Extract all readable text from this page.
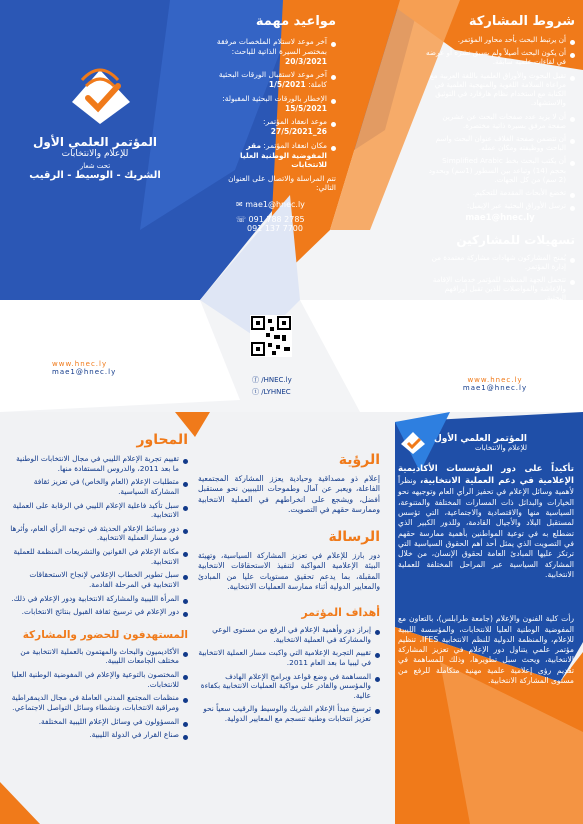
المؤتمر العلمي الأول
للإعلام والانتخابات
تحت شعار
الشريك - الوسيط - الرقيب
مواعيد مهمة
آخر موعد لاستلام الملخصات مرفقة بمختصر السيرة الذاتية للباحث: 20/3/2021
آخر موعد لاستقبال الورقات البحثية كاملة: 1/5/2021
الإخطار بالورقات البحثية المقبولة: 15/5/2021
موعد انعقاد المؤتمر: 26_27/5/2021
مكان انعقاد المؤتمر: مقر المفوضية الوطنية العليا للانتخابات
تتم المراسلة والاتصال على العنوان التالي:
✉ mae1@hnec.ly
☏ 091 788 2785
091 137 7700
ⓕ /HNEC.ly
ⓣ /LYHNEC
www.hnec.ly
mae1@hnec.ly
شروط المشاركة
أن يرتبط البحث بأحد محاور المؤتمر.
أن يكون البحث أصيلاً ولم يسبق نشره أو عرضه في لقاءات علمية سابقة.
تقبل البحوث والأوراق العلمية باللغة العربية مع مراعاة السلامة اللغوية والمنهجية العلمية في الكتابة مع استخدام نظام هارفارد في التوثيق والاستشهاد.
أن لا يزيد عدد صفحات البحث عن عشرين صفحة مرفق بسيرة ذاتية مختصرة.
أن تتضمن صفحة الغلاف عنوان البحث واسم الباحث ووظيفته ومكان عمله.
أن يكتب البحث بخط Simplified Arabic بحجم (14) وتباعد بين السطور (1سم) وبحدود (2 سم) من كل الجهات.
تخضع الأبحاث المقدمة للتحكيم.
ترسل الأوراق البحثية عبر الإيميل:
mae1@hnec.ly
تسهيلات للمشاركين
يُمنح المشاركون شهادات مشاركة معتمدة من إدارة المؤتمر.
تتحمل الجهة المنظمة للمؤتمر خدمات الإقامة والإعاشة والمواصلات للذين تقبل أوراقهم البحثية.
تنشر الأبحاث المشاركة في كتاب يوثق أعمال المؤتمر.
www.hnec.ly
mae1@hnec.ly
المحاور
تقييم تجربة الإعلام الليبي في مجال الانتخابات الوطنية ما بعد 2011، والدروس المستفادة منها.
متطلبات الإعلام (العام والخاص) في تعزيز ثقافة المشاركة السياسية.
سبل تأكيد فاعلية الإعلام الليبي في الرقابة على العملية الانتخابية.
دور وسائط الإعلام الحديثة في توجيه الرأي العام، وأثرها في مسار العملية الانتخابية.
مكانة الإعلام في القوانين والتشريعات المنظمة للعملية الانتخابية.
سبل تطوير الخطاب الإعلامي لإنجاح الاستحقاقات الانتخابية في المرحلة القادمة.
المرأة الليبية والمشاركة الانتخابية ودور الإعلام في ذلك.
دور الإعلام في ترسيخ ثقافة القبول بنتائج الانتخابات.
المستهدفون للحضور والمشاركة
الأكاديميون والبحاث والمهتمون بالعملية الانتخابية من مختلف الجامعات الليبية.
المختصون بالتوعية والإعلام في المفوضية الوطنية العليا للانتخابات.
منظمات المجتمع المدني العاملة في مجال الديمقراطية ومراقبة الانتخابات، ونشطاء وسائل التواصل الاجتماعي.
المسؤولون في وسائل الإعلام الليبية المختلفة.
صناع القرار في الدولة الليبية.
الرؤية

إعلام ذو مصداقية وحيادية يعزز المشاركة المجتمعية الفاعلة، ويعبر عن آمال وطموحات الليبيين نحو مستقبل أفضل، ويشجع على انخراطهم في العملية الانتخابية وممارسة حقهم في التصويت.

الرسالة

دور بارز للإعلام في تعزيز المشاركة السياسية، وتهيئة البيئة الإعلامية المواكبة لتنفيذ الاستحقاقات الانتخابية المقبلة، بما يدعم تحقيق مستويات عليا من المبادئ والمعايير الدولية أثناء ممارسة العمليات الانتخابية.

أهداف المؤتمر
إبراز دور وأهمية الإعلام في الرفع من مستوى الوعي والمشاركة في العملية الانتخابية.
تقييم التجربة الإعلامية التي واكبت مسار العملية الانتخابية في ليبيا ما بعد العام 2011.
المساهمة في وضع قواعد وبرامج الإعلام الهادف والمؤسس والقادر على مواكبة العمليات الانتخابية بكفاءة عالية.
ترسيخ مبدأ الإعلام الشريك والوسيط والرقيب سعياً نحو تعزيز انتخابات وطنية تنسجم مع المعايير الدولية.
المؤتمر العلمي الأول
للإعلام والانتخابات

تأكيداً على دور المؤسسات الأكاديمية الإعلامية في دعم العملية الانتخابية، ونظراً لأهمية وسائل الإعلام في تحفيز الرأي العام وتوجيهه نحو الخيارات والبدائل ذات المسارات المختلفة والمتنوعة، السياسية منها والاقتصادية والاجتماعية، التي تؤسس لمستقبل البلاد والأجيال القادمة، وللدور الكبير الذي تضطلع به في توعية المواطنين بأهمية ممارسة حقهم في التصويت الذي يمثل أحد أهم الحقوق السياسية التي ترتكز عليها المبادئ العامة لحقوق الإنسان، من خلال المشاركة السياسية عبر المراحل المختلفة للعملية الانتخابية.

رأت كلية الفنون والإعلام (جامعة طرابلس)، بالتعاون مع المفوضية الوطنية العليا للانتخابات، والمؤسسة الليبية للإعلام، والمنظمة الدولية للنظم الانتخابية IFES، تنظيم مؤتمر علمي يتناول دور الإعلام في تعزيز المشاركة الانتخابية، ويحث سبل تطويرها، وذلك للمساهمة في تقديم رؤى إعلامية علمية مهنية متكاملة للرفع من مستوى المشاركة الانتخابية.
